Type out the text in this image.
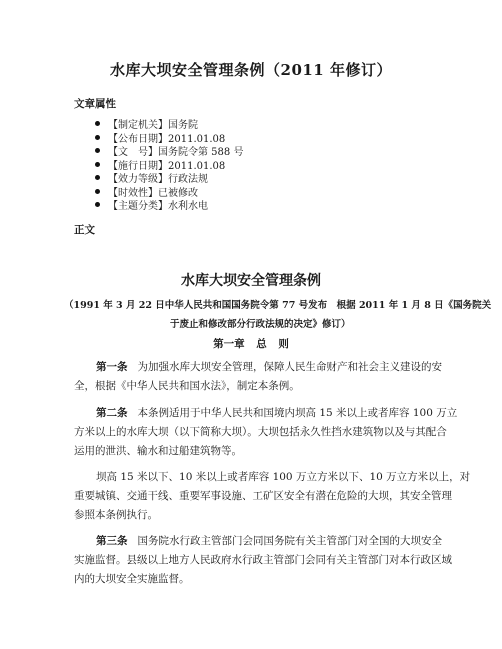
水库大坝安全管理条例（2011 年修订）
文章属性
【制定机关】国务院
【公布日期】2011.01.08
【文　号】国务院令第 588 号
【施行日期】2011.01.08
【效力等级】行政法规
【时效性】已被修改
【主题分类】水利水电
正文
水库大坝安全管理条例
（1991 年 3 月 22 日中华人民共和国国务院令第 77 号发布　根据 2011 年 1 月 8 日《国务院关
于废止和修改部分行政法规的决定》修订）
第一章 总 则
第一条 为加强水库大坝安全管理，保障人民生命财产和社会主义建设的安
全，根据《中华人民共和国水法》，制定本条例。
第二条 本条例适用于中华人民共和国境内坝高 15 米以上或者库容 100 万立
方米以上的水库大坝（以下简称大坝）。大坝包括永久性挡水建筑物以及与其配合
运用的泄洪、输水和过船建筑物等。
坝高 15 米以下、10 米以上或者库容 100 万立方米以下、10 万立方米以上，对
重要城镇、交通干线、重要军事设施、工矿区安全有潜在危险的大坝，其安全管理
参照本条例执行。
第三条 国务院水行政主管部门会同国务院有关主管部门对全国的大坝安全
实施监督。县级以上地方人民政府水行政主管部门会同有关主管部门对本行政区域
内的大坝安全实施监督。
